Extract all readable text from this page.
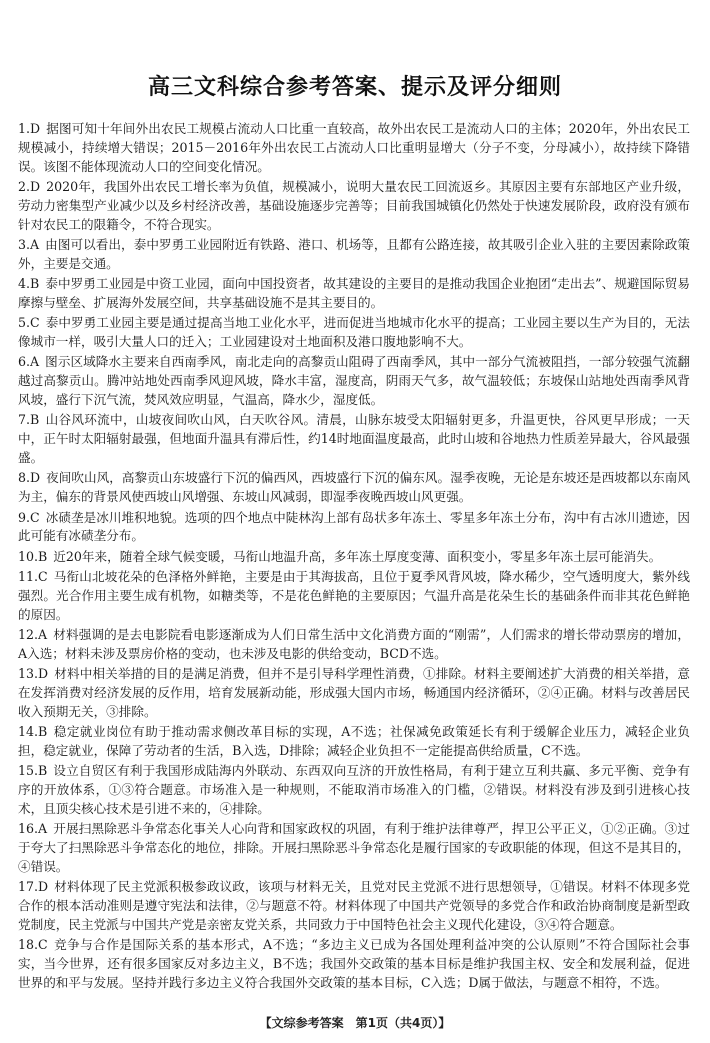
高三文科综合参考答案、提示及评分细则

1.D 据图可知十年间外出农民工规模占流动人口比重一直较高，故外出农民工是流动人口的主体；2020年，外出农民工规模减小，持续增大错误；2015－2016年外出农民工占流动人口比重明显增大（分子不变，分母减小），故持续下降错误。该图不能体现流动人口的空间变化情况。

2.D 2020年，我国外出农民工增长率为负值，规模减小，说明大量农民工回流返乡。其原因主要有东部地区产业升级，劳动力密集型产业减少以及乡村经济改善，基础设施逐步完善等；目前我国城镇化仍然处于快速发展阶段，政府没有颁布针对农民工的限籍令，不符合现实。

3.A 由图可以看出，泰中罗勇工业园附近有铁路、港口、机场等，且都有公路连接，故其吸引企业入驻的主要因素除政策外，主要是交通。

4.B 泰中罗勇工业园是中资工业园，面向中国投资者，故其建设的主要目的是推动我国企业抱团“走出去”、规避国际贸易摩擦与壁垒、扩展海外发展空间，共享基础设施不是其主要目的。

5.C 泰中罗勇工业园主要是通过提高当地工业化水平，进而促进当地城市化水平的提高；工业园主要以生产为目的，无法像城市一样，吸引大量人口的迁入；工业园建设对土地面积及港口腹地影响不大。

6.A 图示区域降水主要来自西南季风，南北走向的高黎贡山阻碍了西南季风，其中一部分气流被阻挡，一部分较强气流翻越过高黎贡山。腾冲站地处西南季风迎风坡，降水丰富，湿度高，阴雨天气多，故气温较低；东坡保山站地处西南季风背风坡，盛行下沉气流，焚风效应明显，气温高，降水少，湿度低。

7.B 山谷风环流中，山坡夜间吹山风，白天吹谷风。清晨，山脉东坡受太阳辐射更多，升温更快，谷风更早形成；一天中，正午时太阳辐射最强，但地面升温具有滞后性，约14时地面温度最高，此时山坡和谷地热力性质差异最大，谷风最强盛。

8.D 夜间吹山风，高黎贡山东坡盛行下沉的偏西风，西坡盛行下沉的偏东风。湿季夜晚，无论是东坡还是西坡都以东南风为主，偏东的背景风使西坡山风增强、东坡山风减弱，即湿季夜晚西坡山风更强。

9.C 冰碛垄是冰川堆积地貌。选项的四个地点中陡林沟上部有岛状多年冻土、零星多年冻土分布，沟中有古冰川遗迹，因此可能有冰碛垄分布。

10.B 近20年来，随着全球气候变暖，马衔山地温升高，多年冻土厚度变薄、面积变小，零星多年冻土层可能消失。

11.C 马衔山北坡花朵的色泽格外鲜艳，主要是由于其海拔高，且位于夏季风背风坡，降水稀少，空气透明度大，紫外线强烈。光合作用主要生成有机物，如糖类等，不是花色鲜艳的主要原因；气温升高是花朵生长的基础条件而非其花色鲜艳的原因。

12.A 材料强调的是去电影院看电影逐渐成为人们日常生活中文化消费方面的“刚需”，人们需求的增长带动票房的增加，A入选；材料未涉及票房价格的变动，也未涉及电影的供给变动，BCD不选。

13.D 材料中相关举措的目的是满足消费，但并不是引导科学理性消费，①排除。材料主要阐述扩大消费的相关举措，意在发挥消费对经济发展的反作用，培育发展新动能，形成强大国内市场，畅通国内经济循环，②④正确。材料与改善居民收入预期无关，③排除。

14.B 稳定就业岗位有助于推动需求侧改革目标的实现，A不选；社保减免政策延长有利于缓解企业压力，减轻企业负担，稳定就业，保障了劳动者的生活，B入选，D排除；减轻企业负担不一定能提高供给质量，C不选。

15.B 设立自贸区有利于我国形成陆海内外联动、东西双向互济的开放性格局，有利于建立互利共赢、多元平衡、竞争有序的开放体系，①③符合题意。市场准入是一种规则，不能取消市场准入的门槛，②错误。材料没有涉及到引进核心技术，且顶尖核心技术是引进不来的，④排除。

16.A 开展扫黑除恶斗争常态化事关人心向背和国家政权的巩固，有利于维护法律尊严，捍卫公平正义，①②正确。③过于夸大了扫黑除恶斗争常态化的地位，排除。开展扫黑除恶斗争常态化是履行国家的专政职能的体现，但这不是其目的，④错误。

17.D 材料体现了民主党派积极参政议政，该项与材料无关，且党对民主党派不进行思想领导，①错误。材料不体现多党合作的根本活动准则是遵守宪法和法律，②与题意不符。材料体现了中国共产党领导的多党合作和政治协商制度是新型政党制度，民主党派与中国共产党是亲密友党关系，共同致力于中国特色社会主义现代化建设，③④符合题意。

18.C 竞争与合作是国际关系的基本形式，A不选；“多边主义已成为各国处理利益冲突的公认原则”不符合国际社会事实，当今世界，还有很多国家反对多边主义，B不选；我国外交政策的基本目标是维护我国主权、安全和发展利益，促进世界的和平与发展。坚持并践行多边主义符合我国外交政策的基本目标，C入选；D属于做法，与题意不相符，不选。

【文综参考答案　第1页（共4页）】
